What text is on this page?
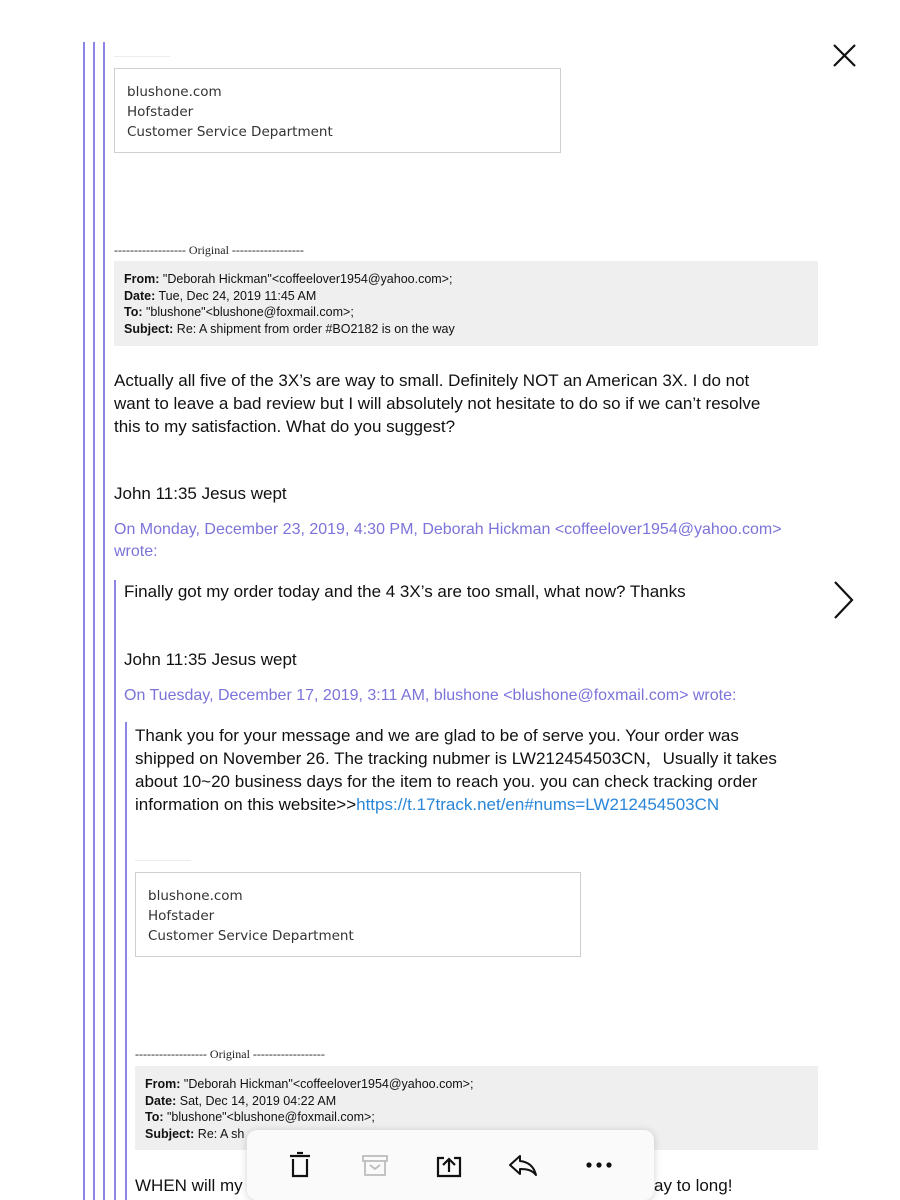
blushone.com
Hofstader
Customer Service Department
------------------ Original ------------------
From: "Deborah Hickman"<coffeelover1954@yahoo.com>;
Date: Tue, Dec 24, 2019 11:45 AM
To: "blushone"<blushone@foxmail.com>;
Subject: Re: A shipment from order #BO2182 is on the way
Actually all five of the 3X’s are way to small. Definitely NOT an American 3X. I do not
want to leave a bad review but I will absolutely not hesitate to do so if we can’t resolve
this to my satisfaction. What do you suggest?
John 11:35 Jesus wept
On Monday, December 23, 2019, 4:30 PM, Deborah Hickman <coffeelover1954@yahoo.com>
wrote:
Finally got my order today and the 4 3X’s are too small, what now? Thanks
John 11:35 Jesus wept
On Tuesday, December 17, 2019, 3:11 AM, blushone <blushone@foxmail.com> wrote:
Thank you for your message and we are glad to be of serve you. Your order was
shipped on November 26. The tracking nubmer is LW212454503CN，Usually it takes
about 10~20 business days for the item to reach you. you can check tracking order
information on this website>>https://t.17track.net/en#nums=LW212454503CN
blushone.com
Hofstader
Customer Service Department
------------------ Original ------------------
From: "Deborah Hickman"<coffeelover1954@yahoo.com>;
Date: Sat, Dec 14, 2019 04:22 AM
To: "blushone"<blushone@foxmail.com>;
Subject: Re: A sh
WHEN will my	ay to long!
